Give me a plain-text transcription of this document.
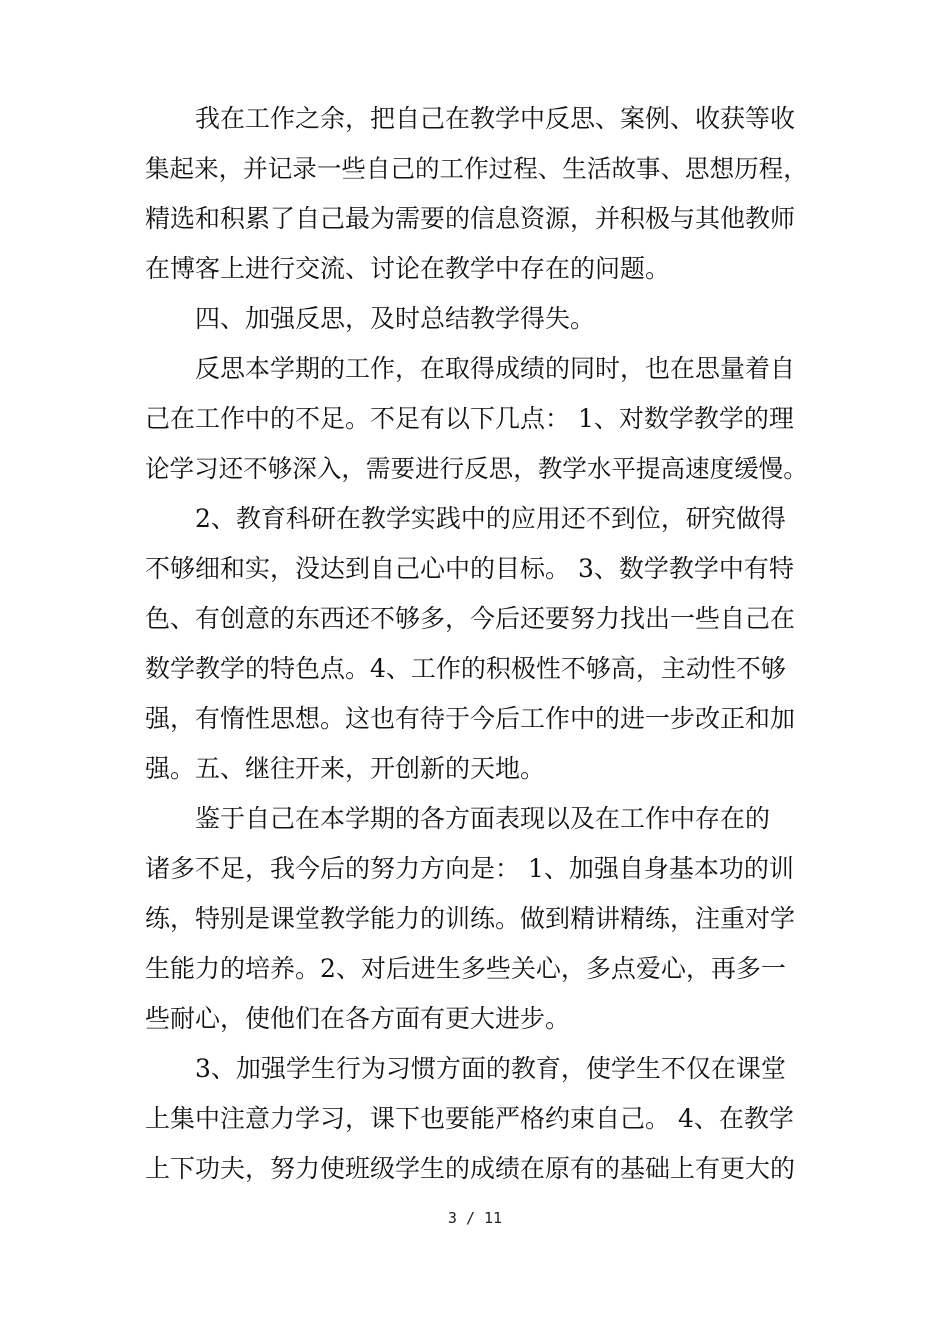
我在工作之余，把自己在教学中反思、案例、收获等收

集起来，并记录一些自己的工作过程、生活故事、思想历程，

精选和积累了自己最为需要的信息资源，并积极与其他教师

在博客上进行交流、讨论在教学中存在的问题。

四、加强反思，及时总结教学得失。

反思本学期的工作，在取得成绩的同时，也在思量着自

己在工作中的不足。不足有以下几点： 1、对数学教学的理

论学习还不够深入，需要进行反思，教学水平提高速度缓慢。

2、教育科研在教学实践中的应用还不到位，研究做得

不够细和实，没达到自己心中的目标。 3、数学教学中有特

色、有创意的东西还不够多，今后还要努力找出一些自己在

数学教学的特色点。4、工作的积极性不够高，主动性不够

强，有惰性思想。这也有待于今后工作中的进一步改正和加

强。五、继往开来，开创新的天地。

鉴于自己在本学期的各方面表现以及在工作中存在的

诸多不足，我今后的努力方向是： 1、加强自身基本功的训

练，特别是课堂教学能力的训练。做到精讲精练，注重对学

生能力的培养。2、对后进生多些关心，多点爱心，再多一

些耐心，使他们在各方面有更大进步。

3、加强学生行为习惯方面的教育，使学生不仅在课堂

上集中注意力学习，课下也要能严格约束自己。 4、在教学

上下功夫，努力使班级学生的成绩在原有的基础上有更大的

3 / 11
